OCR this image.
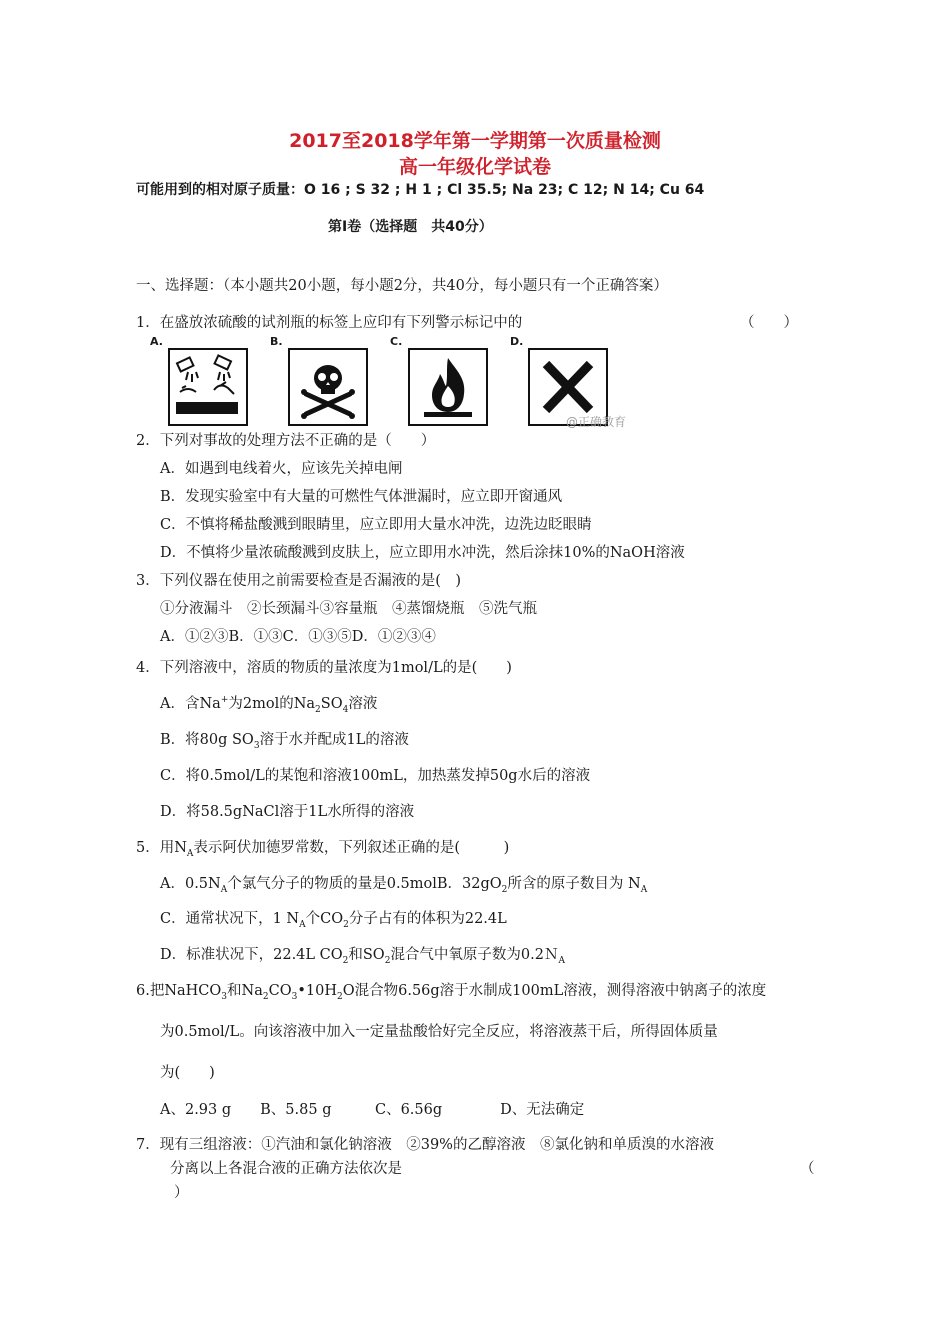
2017至2018学年第一学期第一次质量检测
高一年级化学试卷
可能用到的相对原子质量：O 16 ; S 32 ; H 1 ; Cl 35.5; Na 23; C 12; N 14; Cu 64
第Ⅰ卷（选择题　共40分）
一、选择题：（本小题共20小题，每小题2分，共40分，每小题只有一个正确答案）
1．在盛放浓硫酸的试剂瓶的标签上应印有下列警示标记中的	（　　）
A.	B.	C.	D.
@正确教育
2．下列对事故的处理方法不正确的是（　　）
A．如遇到电线着火，应该先关掉电闸
B．发现实验室中有大量的可燃性气体泄漏时，应立即开窗通风
C．不慎将稀盐酸溅到眼睛里，应立即用大量水冲洗，边洗边眨眼睛
D．不慎将少量浓硫酸溅到皮肤上，应立即用水冲洗，然后涂抹10%的NaOH溶液
3．下列仪器在使用之前需要检查是否漏液的是(　)
①分液漏斗　②长颈漏斗③容量瓶　④蒸馏烧瓶　⑤洗气瓶
A．①②③B．①③C．①③⑤D．①②③④
4．下列溶液中，溶质的物质的量浓度为1mol/L的是(　　)
A．含Na+为2mol的$Na_2SO_4$溶液
B．将80g $SO_3$溶于水并配成1L的溶液
C．将0.5mol/L的某饱和溶液100mL，加热蒸发掉50g水后的溶液
D．将58.5gNaCl溶于1L水所得的溶液
5．用$N_A$表示阿伏加德罗常数，下列叙述正确的是(　　　)
A．$0.5N_A$个氯气分子的物质的量是0.5molB．$32gO_2$所含的原子数目为 $N_A$
C．通常状况下，1 $N_A$个$CO_2$分子占有的体积为22.4L
D．标准状况下，22.4L $CO_2$和$SO_2$混合气中氧原子数为0.2Ｎ$_A$
6.把NaHCO$_3$和$Na_2CO_3•10H_2O$混合物6.56g溶于水制成100mL溶液，测得溶液中钠离子的浓度
为0.5mol/L。向该溶液中加入一定量盐酸恰好完全反应，将溶液蒸干后，所得固体质量
为(　　)
A、2.93 g　　B、5.85 g　　　C、6.56g　　　　D、无法确定
7．现有三组溶液：①汽油和氯化钠溶液　②39%的乙醇溶液　⑧氯化钠和单质溴的水溶液
分离以上各混合液的正确方法依次是	（
）
